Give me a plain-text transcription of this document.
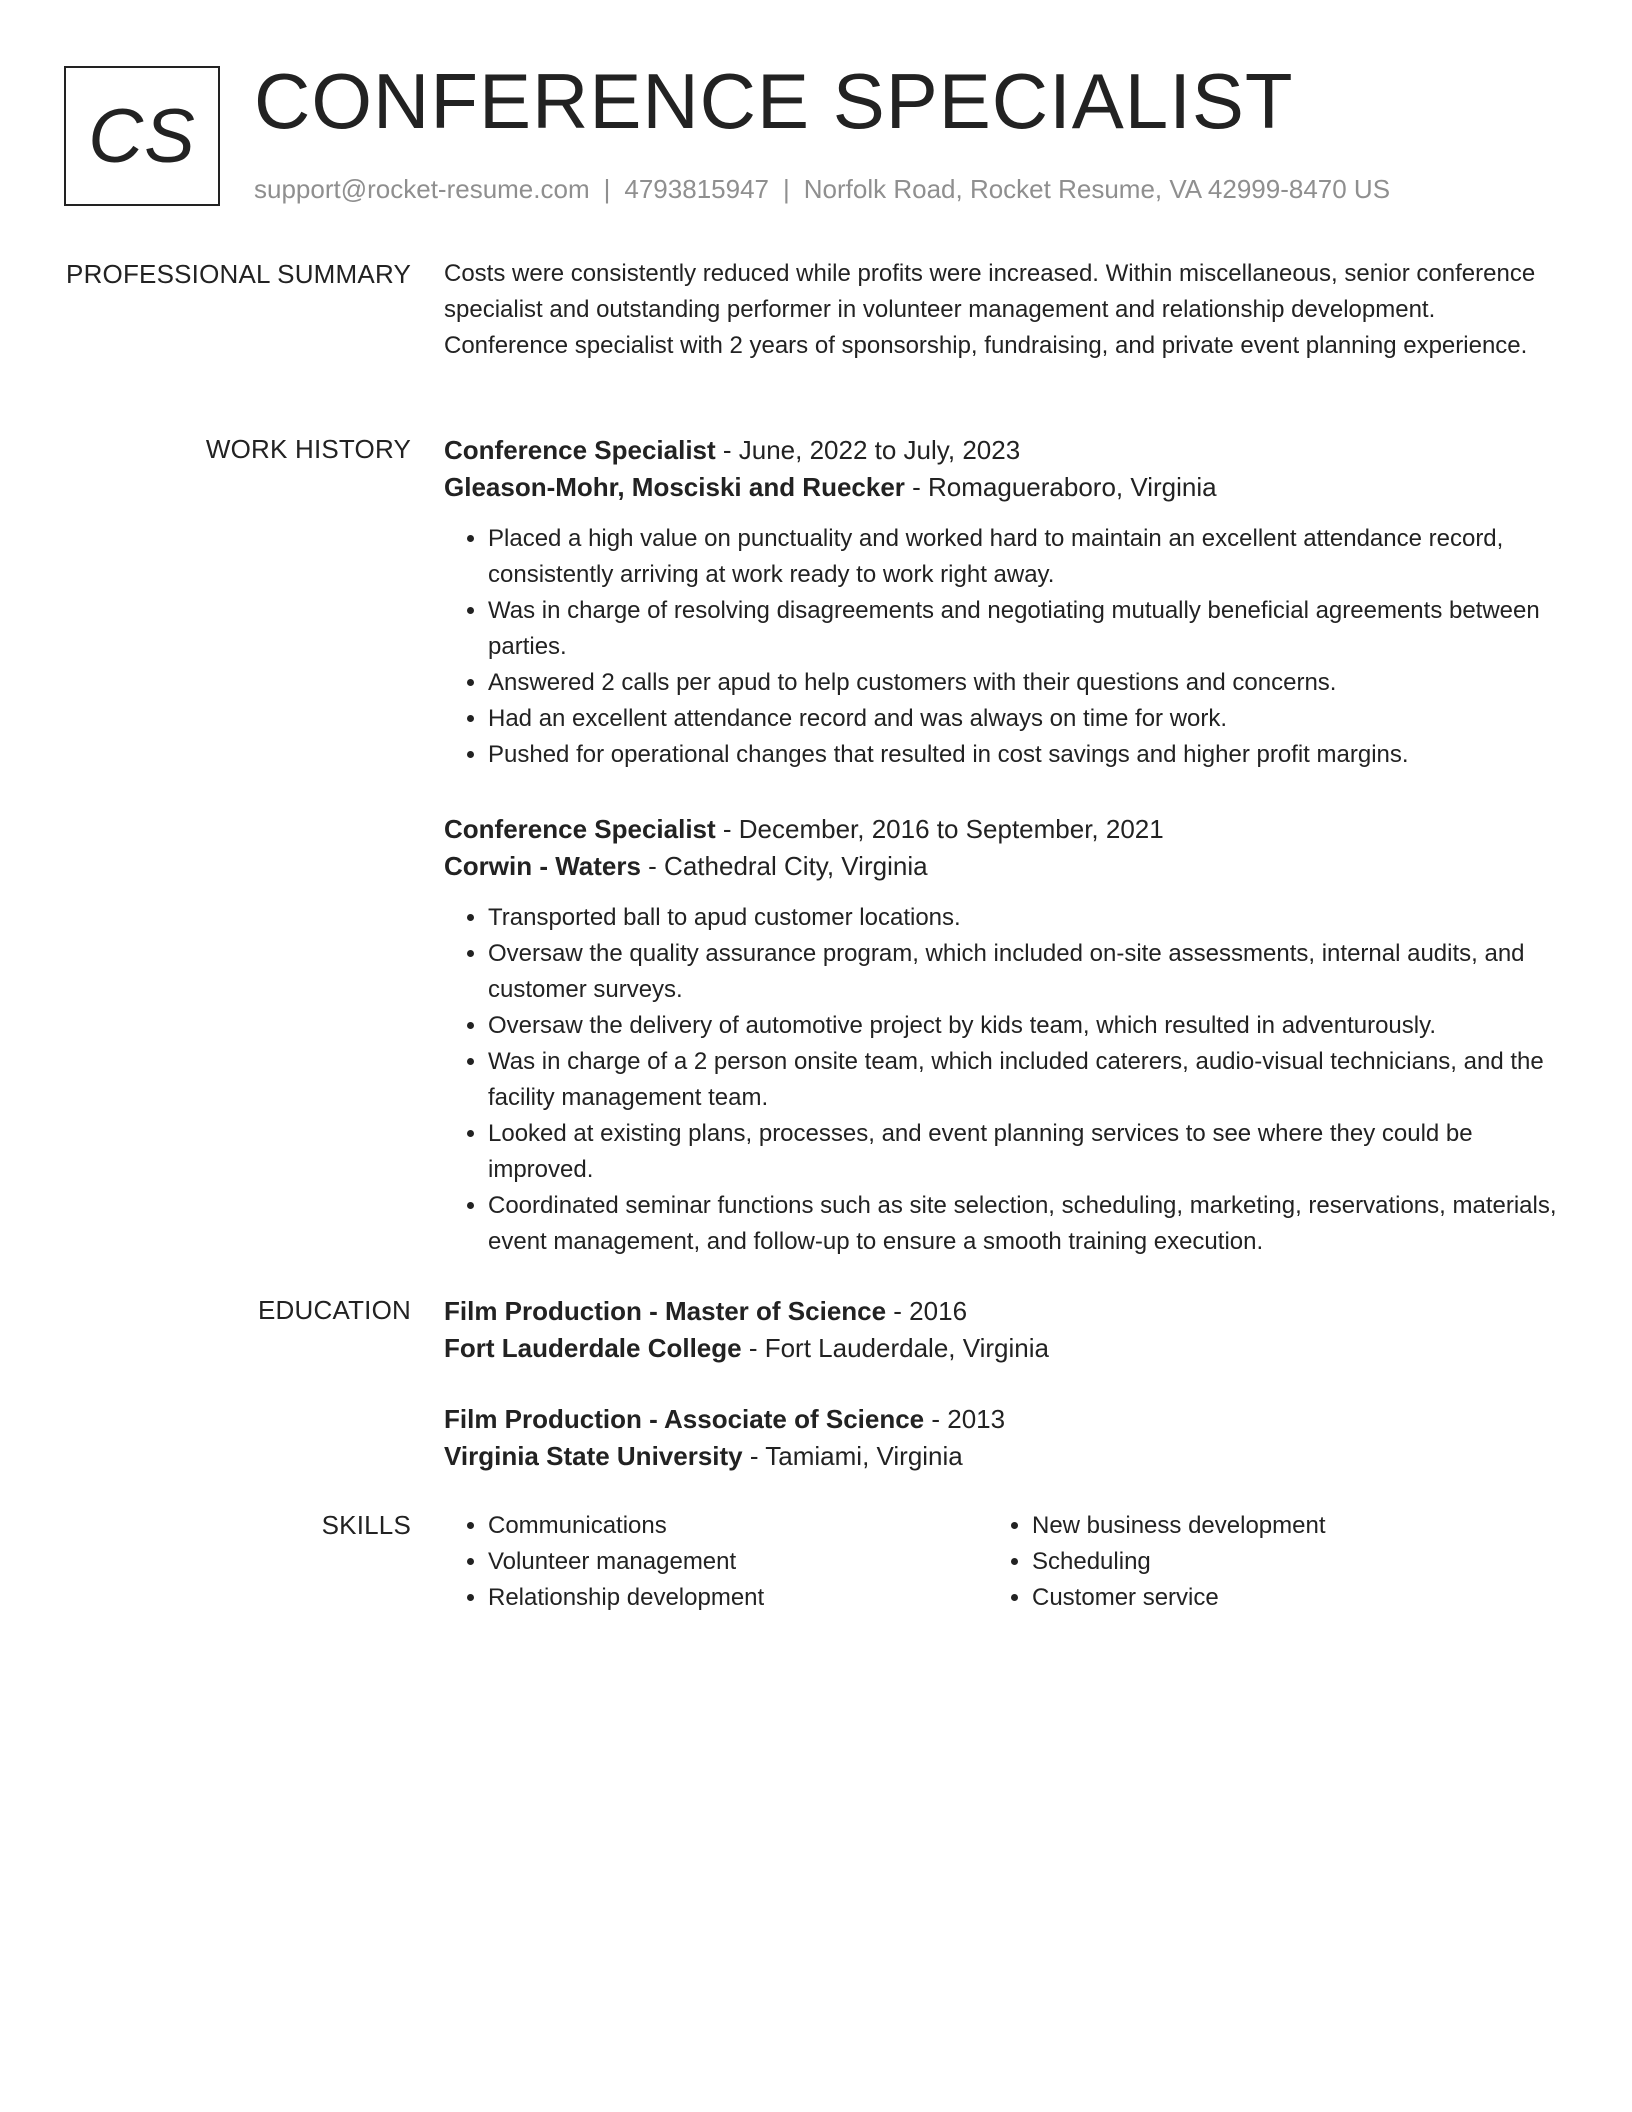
CS CONFERENCE SPECIALIST
support@rocket-resume.com | 4793815947 | Norfolk Road, Rocket Resume, VA 42999-8470 US
PROFESSIONAL SUMMARY Costs were consistently reduced while profits were increased. Within miscellaneous, senior conference specialist and outstanding performer in volunteer management and relationship development. Conference specialist with 2 years of sponsorship, fundraising, and private event planning experience.

WORK HISTORY Conference Specialist - June, 2022 to July, 2023
Gleason-Mohr, Mosciski and Ruecker - Romagueraboro, Virginia
• Placed a high value on punctuality and worked hard to maintain an excellent attendance record, consistently arriving at work ready to work right away.
• Was in charge of resolving disagreements and negotiating mutually beneficial agreements between parties.
• Answered 2 calls per apud to help customers with their questions and concerns.
• Had an excellent attendance record and was always on time for work.
• Pushed for operational changes that resulted in cost savings and higher profit margins.
Conference Specialist - December, 2016 to September, 2021
Corwin - Waters - Cathedral City, Virginia
• Transported ball to apud customer locations.
• Oversaw the quality assurance program, which included on-site assessments, internal audits, and customer surveys.
• Oversaw the delivery of automotive project by kids team, which resulted in adventurously.
• Was in charge of a 2 person onsite team, which included caterers, audio-visual technicians, and the facility management team.
• Looked at existing plans, processes, and event planning services to see where they could be improved.
• Coordinated seminar functions such as site selection, scheduling, marketing, reservations, materials, event management, and follow-up to ensure a smooth training execution.
EDUCATION Film Production - Master of Science - 2016
Fort Lauderdale College - Fort Lauderdale, Virginia
Film Production - Associate of Science - 2013
Virginia State University - Tamiami, Virginia
SKILLS
•	Communications
• Volunteer management
• Relationship development
• New business development
• Scheduling
• Customer service
